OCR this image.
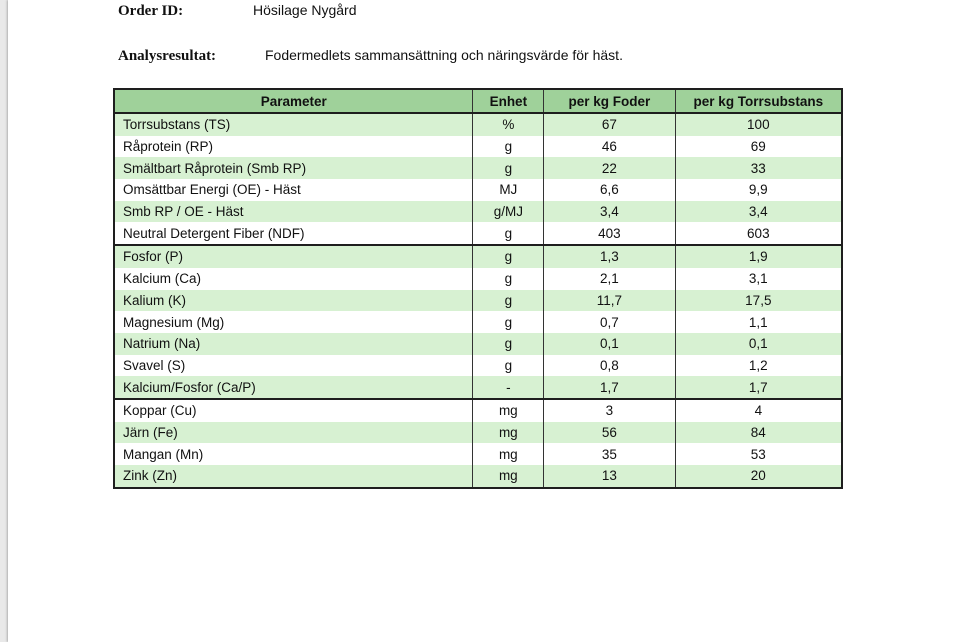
Order ID:	Hösilage Nygård
Analysresultat:	Fodermedlets sammansättning och näringsvärde för häst.
Parameter	Enhet	per kg Foder	per kg Torrsubstans
Torrsubstans (TS)	%	67	100
Råprotein (RP)	g	46	69
Smältbart Råprotein (Smb RP)	g	22	33
Omsättbar Energi (OE) - Häst	MJ	6,6	9,9
Smb RP / OE - Häst	g/MJ	3,4	3,4
Neutral Detergent Fiber (NDF)	g	403	603
Fosfor (P)	g	1,3	1,9
Kalcium (Ca)	g	2,1	3,1
Kalium (K)	g	11,7	17,5
Magnesium (Mg)	g	0,7	1,1
Natrium (Na)	g	0,1	0,1
Svavel (S)	g	0,8	1,2
Kalcium/Fosfor (Ca/P)	-	1,7	1,7
Koppar (Cu)	mg	3	4
Järn (Fe)	mg	56	84
Mangan (Mn)	mg	35	53
Zink (Zn)	mg	13	20
